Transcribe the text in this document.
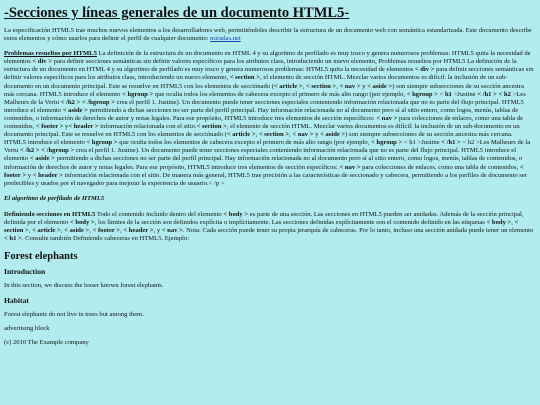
-Secciones y líneas generales de un documento HTML5-

La especificación HTML5 trae muchos nuevos elementos a los desarrolladores web, permitiéndoles describir la estructura de un documento web con semántica estandarizada. Este documento describe estos elementos y cómo usarlos para definir el perfil de cualquier documento: miradas.net

Problemas resueltos por HTML5 La definición de la estructura de un documento en HTML 4 y su algoritmo de perfilado es muy tosco y genera numerosos problemas: HTML5 quita la necesidad de elementos < div > para definir secciones semánticas sin definir valores específicos para los atributos class, introduciendo un nuevo elemento, Problemas resueltos por HTML5 La definición de la estructura de un documento en HTML 4 y su algoritmo de perfilado es muy tosco y genera numerosos problemas: HTML5 quita la necesidad de elementos < div > para definir secciones semánticas sin definir valores específicos para los atributos class, introduciendo un nuevo elemento, < section >, el elemento de sección HTML. Mezclar varios documentos es difícil: la inclusión de un sub-documento en un documento principal. Este se resuelve en HTML5 con los elementos de secciónado (< article >, < section >, < nav > y < aside >) son siempre subsecciones de su sección ancestra más cercana. HTML5 introduce el elemento < hgroup > que oculta todos los elementos de cabecera excepto el primero de más alto rango (por ejemplo, < hgroup > < h1 >Justine < /h1 > < h2 >Les Malheurs de la Vertu < /h2 > < /hgroup > crea el perfil 1. Justine). Un documento puede tener secciones especiales conteniendo información relacionada que no es parte del flujo principal. HTML5 introduce el elemento < aside > permitiendo a dichas secciones no ser parte del perfil principal. Hay información relacionada no al documento pero sí al sitio entero, como logos, menús, tablas de contenidos, o información de derechos de autor y notas legales. Para ese propósito, HTML5 introduce tres elementos de sección específicos: < nav > para colecciones de enlaces, como una tabla de contenidos, < footer > y< header > información relacionada con el sitio.< section >, el elemento de sección HTML. Mezclar varios documentos es difícil: la inclusión de un sub-documento en un documento principal. Este se resuelve en HTML5 con los elementos de secciónado (< article >, < section >, < nav > y < aside >) son siempre subsecciones de su sección ancestra más cercana. HTML5 introduce el elemento < hgroup > que oculta todos los elementos de cabecera excepto el primero de más alto rango (por ejemplo, < hgroup > < h1 >Justine < /h1 > < h2 >Les Malheurs de la Vertu < /h2 > < /hgroup > crea el perfil 1. Justine). Un documento puede tener secciones especiales conteniendo información relacionada que no es parte del flujo principal. HTML5 introduce el elemento < aside > permitiendo a dichas secciones no ser parte del perfil principal. Hay información relacionada no al documento pero sí al sitio entero, como logos, menús, tablas de contenidos, o información de derechos de autor y notas legales. Para ese propósito, HTML5 introduce tres elementos de sección específicos: < nav > para colecciones de enlaces, como una tabla de contenidos, < footer > y < header > información relacionada con el sitio. De manera más general, HTML5 trae precisión a las características de seccionado y cabecera, permitiendo a los perfiles de documento ser predecibles y usados por el navegador para mejorar la experiencia de usuario.< /p >

El algoritmo de perfilado de HTML5

Definiendo secciones en HTML5 Todo el contenido incluido dentro del elemento < body > es parte de una sección. Las secciones en HTML5 pueden ser anidadas. Además de la sección principal, definida por el elemento < body >, los límites de la sección son definidos explícita o implícitamente. Las secciones definidas explícitamente son el contenido definido en las etiquetas < body >, < section >, < article >, < aside >, < footer >, < header >, y < nav >. Nota: Cada sección puede tener su propia jerarquía de cabeceras. Por lo tanto, incluso una sección anidada puede tener un elemento < h1 >. Consulte también Definiendo cabeceras en HTML5. Ejemplo:

Forest elephants
Introduction

In this section, we discuss the lesser known forest elephants.

Habitat

Forest elephants do not live in trees but among them.

advertising block

(c) 2010 The Example company
